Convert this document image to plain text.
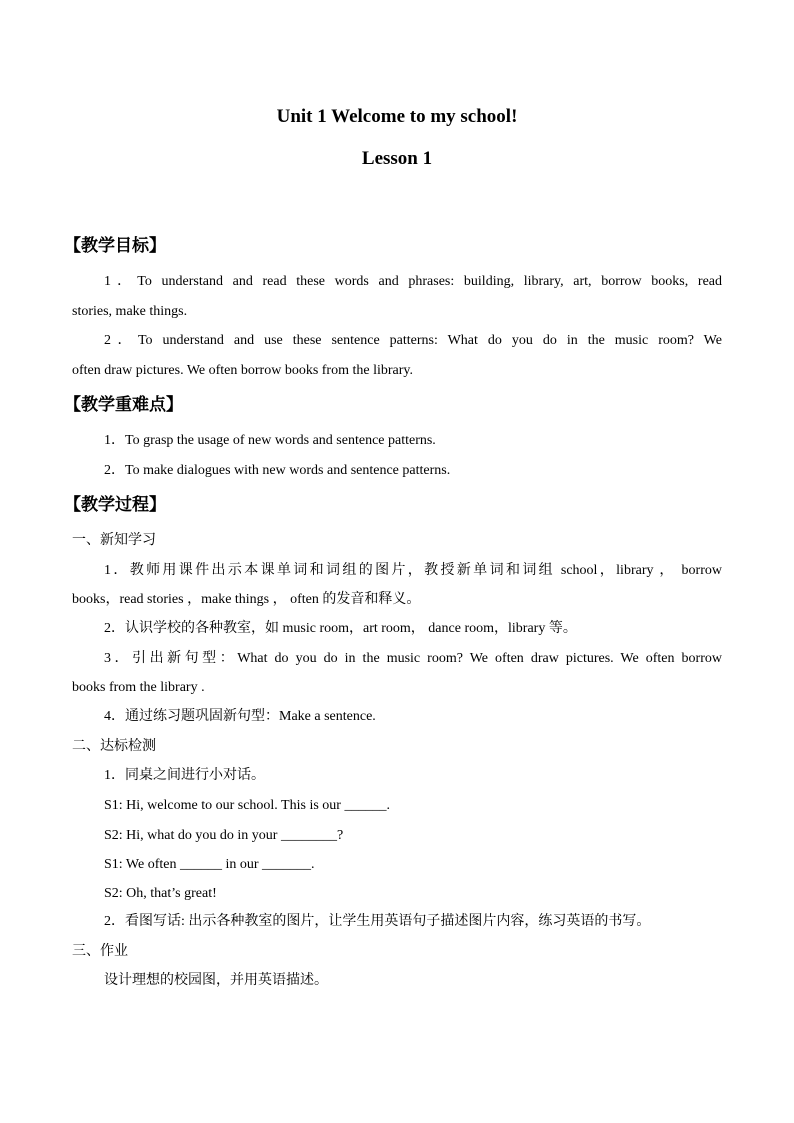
Unit 1 Welcome to my school!
Lesson 1
【教学目标】
1．To understand and read these words and phrases: building, library, art, borrow books, read
stories, make things.
2．To understand and use these sentence patterns: What do you do in the music room? We
often draw pictures. We often borrow books from the library.
【教学重难点】
1．To grasp the usage of new words and sentence patterns.
2．To make dialogues with new words and sentence patterns.
【教学过程】
一、新知学习
1．教师用课件出示本课单词和词组的图片，教授新单词和词组 school，library ， borrow
books，read stories ，make things ， often 的发音和释义。
2．认识学校的各种教室，如 music room，art room， dance room，library 等。
3．引出新句型：What do you do in the music room? We often draw pictures. We often borrow
books from the library .
4．通过练习题巩固新句型：Make a sentence.
二、达标检测
1．同桌之间进行小对话。
S1: Hi, welcome to our school. This is our ______.
S2: Hi, what do you do in your ________?
S1: We often ______ in our _______.
S2: Oh, that’s great!
2．看图写话: 出示各种教室的图片，让学生用英语句子描述图片内容，练习英语的书写。
三、作业
设计理想的校园图，并用英语描述。
